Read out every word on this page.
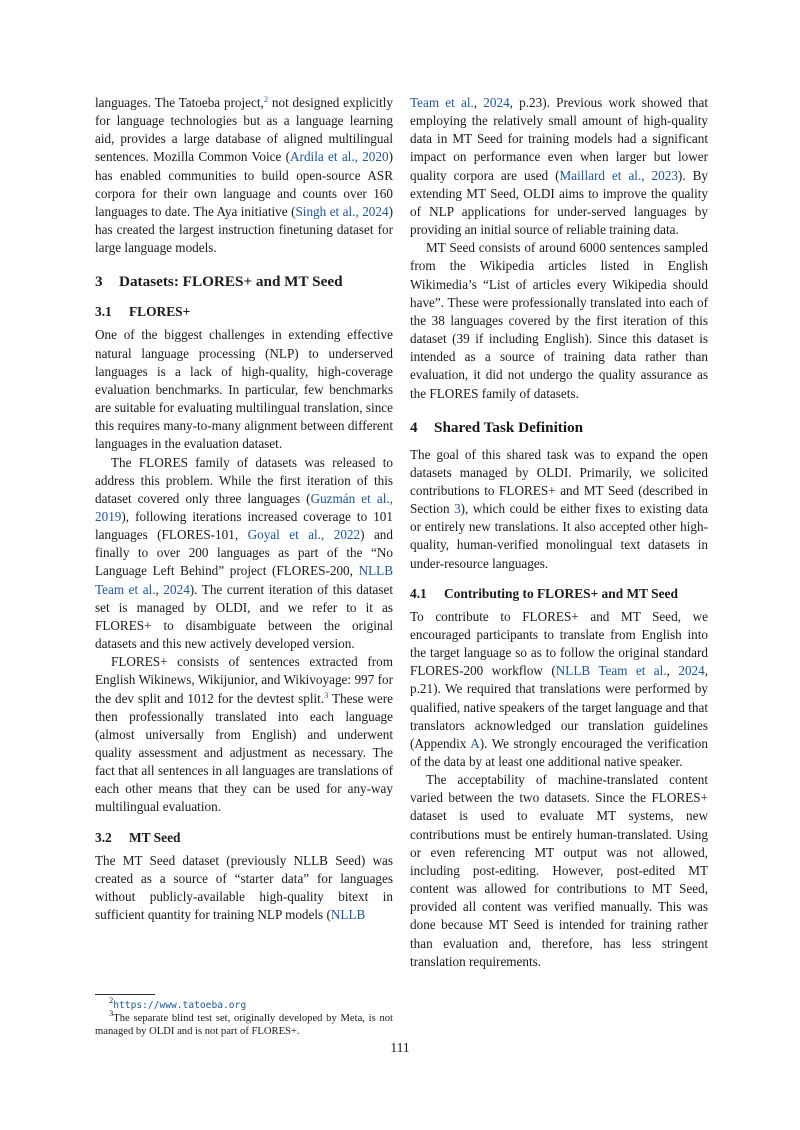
languages. The Tatoeba project,$^2$ not designed explicitly for language technologies but as a language learning aid, provides a large database of aligned multilingual sentences. Mozilla Common Voice (Ardila et al., 2020) has enabled communities to build open-source ASR corpora for their own language and counts over 160 languages to date. The Aya initiative (Singh et al., 2024) has created the largest instruction finetuning dataset for large language models.

3 Datasets: FLORES+ and MT Seed
3.1 FLORES+

One of the biggest challenges in extending effective natural language processing (NLP) to underserved languages is a lack of high-quality, high-coverage evaluation benchmarks. In particular, few benchmarks are suitable for evaluating multilingual translation, since this requires many-to-many alignment between different languages in the evaluation dataset.

The FLORES family of datasets was released to address this problem. While the first iteration of this dataset covered only three languages (Guzmán et al., 2019), following iterations increased coverage to 101 languages (FLORES-101, Goyal et al., 2022) and finally to over 200 languages as part of the “No Language Left Behind” project (FLORES-200, NLLB Team et al., 2024). The current iteration of this dataset set is managed by OLDI, and we refer to it as FLORES+ to disambiguate between the original datasets and this new actively developed version.

FLORES+ consists of sentences extracted from English Wikinews, Wikijunior, and Wikivoyage: 997 for the dev split and 1012 for the devtest split.$^3$ These were then professionally translated into each language (almost universally from English) and underwent quality assessment and adjustment as necessary. The fact that all sentences in all languages are translations of each other means that they can be used for any-way multilingual evaluation.

3.2 MT Seed

The MT Seed dataset (previously NLLB Seed) was created as a source of “starter data” for languages without publicly-available high-quality bitext in sufficient quantity for training NLP models (NLLB

Team et al., 2024, p.23). Previous work showed that employing the relatively small amount of high-quality data in MT Seed for training models had a significant impact on performance even when larger but lower quality corpora are used (Maillard et al., 2023). By extending MT Seed, OLDI aims to improve the quality of NLP applications for under-served languages by providing an initial source of reliable training data.

MT Seed consists of around 6000 sentences sampled from the Wikipedia articles listed in English Wikimedia’s “List of articles every Wikipedia should have”. These were professionally translated into each of the 38 languages covered by the first iteration of this dataset (39 if including English). Since this dataset is intended as a source of training data rather than evaluation, it did not undergo the quality assurance as the FLORES family of datasets.

4 Shared Task Definition

The goal of this shared task was to expand the open datasets managed by OLDI. Primarily, we solicited contributions to FLORES+ and MT Seed (described in Section 3), which could be either fixes to existing data or entirely new translations. It also accepted other high-quality, human-verified monolingual text datasets in under-resource languages.

4.1 Contributing to FLORES+ and MT Seed

To contribute to FLORES+ and MT Seed, we encouraged participants to translate from English into the target language so as to follow the original standard FLORES-200 workflow (NLLB Team et al., 2024, p.21). We required that translations were performed by qualified, native speakers of the target language and that translators acknowledged our translation guidelines (Appendix A). We strongly encouraged the verification of the data by at least one additional native speaker.

The acceptability of machine-translated content varied between the two datasets. Since the FLORES+ dataset is used to evaluate MT systems, new contributions must be entirely human-translated. Using or even referencing MT output was not allowed, including post-editing. However, post-edited MT content was allowed for contributions to MT Seed, provided all content was verified manually. This was done because MT Seed is intended for training rather than evaluation and, therefore, has less stringent translation requirements.

$^2$https://www.tatoeba.org

$^3$The separate blind test set, originally developed by Meta, is not managed by OLDI and is not part of FLORES+.

111
